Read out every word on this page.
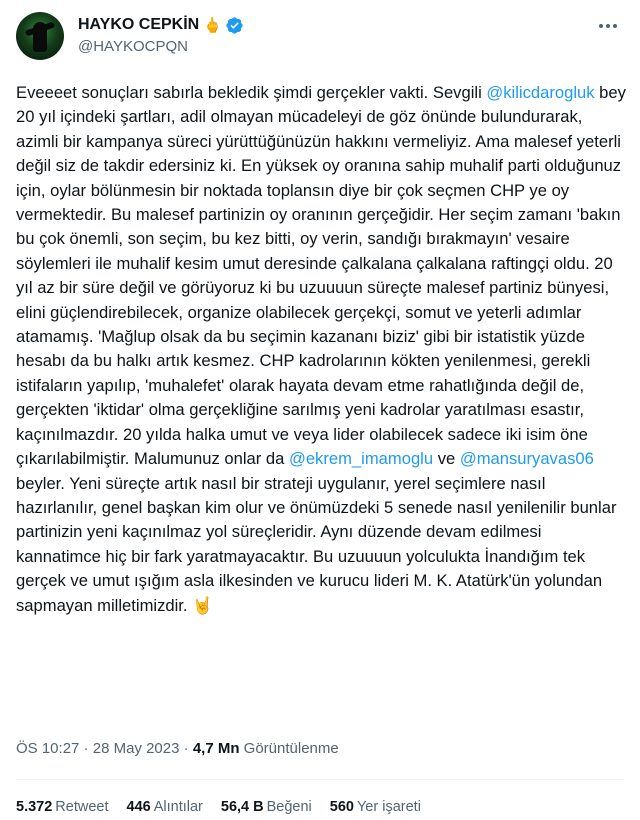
HAYKO CEPKİN 🖕
@HAYKOCPQN
Eveeeet sonuçları sabırla bekledik şimdi gerçekler vakti. Sevgili @kilicdarogluk bey 20 yıl içindeki şartları, adil olmayan mücadeleyi de göz önünde bulundurarak, azimli bir kampanya süreci yürüttüğünüzün hakkını vermeliyiz. Ama malesef yeterli değil siz de takdir edersiniz ki. En yüksek oy oranına sahip muhalif parti olduğunuz için, oylar bölünmesin bir noktada toplansın diye bir çok seçmen CHP ye oy vermektedir. Bu malesef partinizin oy oranının gerçeğidir. Her seçim zamanı 'bakın bu çok önemli, son seçim, bu kez bitti, oy verin, sandığı bırakmayın' vesaire söylemleri ile muhalif kesim umut deresinde çalkalana çalkalana raftingçi oldu. 20 yıl az bir süre değil ve görüyoruz ki bu uzuuuun süreçte malesef partiniz bünyesi, elini güçlendirebilecek, organize olabilecek gerçekçi, somut ve yeterli adımlar atamamış. 'Mağlup olsak da bu seçimin kazananı biziz' gibi bir istatistik yüzde hesabı da bu halkı artık kesmez. CHP kadrolarının kökten yenilenmesi, gerekli istifaların yapılıp, 'muhalefet' olarak hayata devam etme rahatlığında değil de, gerçekten 'iktidar' olma gerçekliğine sarılmış yeni kadrolar yaratılması esastır, kaçınılmazdır. 20 yılda halka umut ve veya lider olabilecek sadece iki isim öne çıkarılabilmiştir. Malumunuz onlar da @ekrem_imamoglu ve @mansuryavas06 beyler. Yeni süreçte artık nasıl bir strateji uygulanır, yerel seçimlere nasıl hazırlanılır, genel başkan kim olur ve önümüzdeki 5 senede nasıl yenilenilir bunlar partinizin yeni kaçınılmaz yol süreçleridir. Aynı düzende devam edilmesi kannatimce hiç bir fark yaratmayacaktır. Bu uzuuuun yolculukta İnandığım tek gerçek ve umut ışığım asla ilkesinden ve kurucu lideri M. K. Atatürk'ün yolundan sapmayan milletimizdir. 🤘
ÖS 10:27 · 28 May 2023 · 4,7 Mn Görüntülenme
5.372 Retweet 446 Alıntılar 56,4 B Beğeni 560 Yer işareti
